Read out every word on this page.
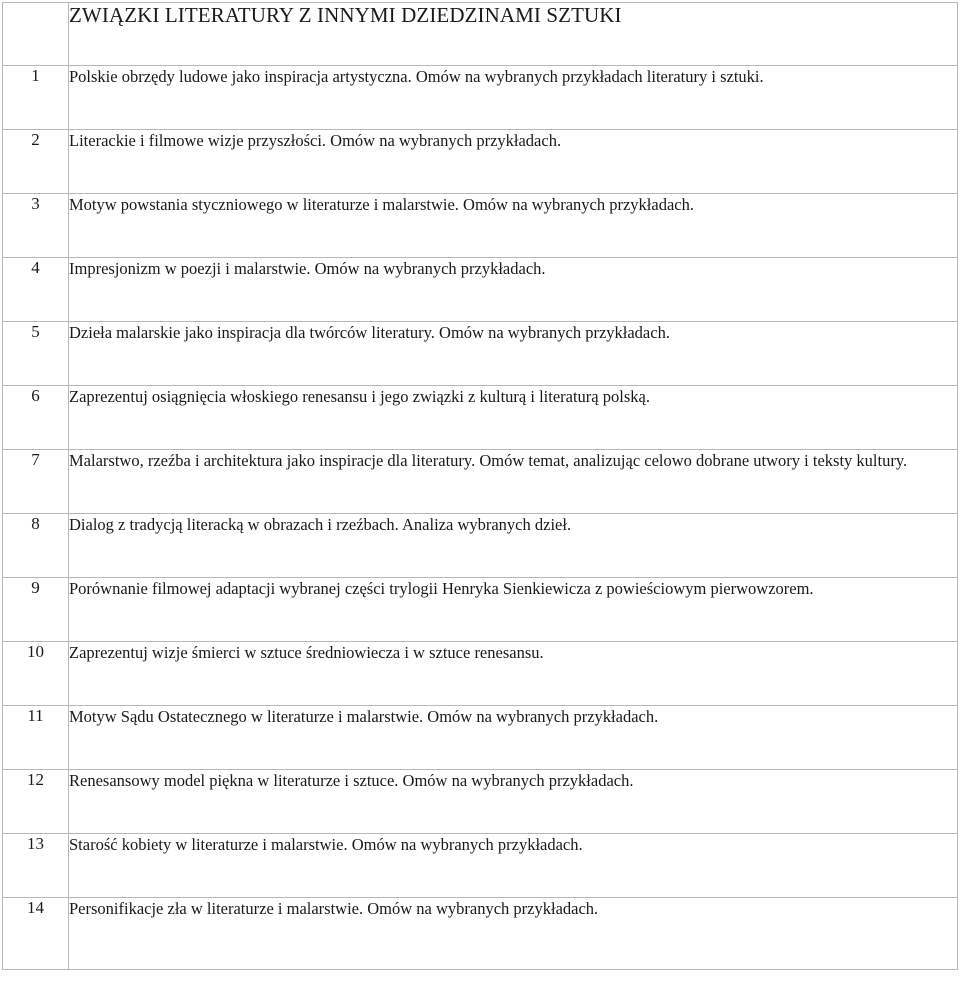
	ZWIĄZKI LITERATURY Z INNYMI DZIEDZINAMI SZTUKI
1	Polskie obrzędy ludowe jako inspiracja artystyczna. Omów na wybranych przykładach literatury i sztuki.
2	Literackie i filmowe wizje przyszłości. Omów na wybranych przykładach.
3	Motyw powstania styczniowego w literaturze i malarstwie. Omów na wybranych przykładach.
4	Impresjonizm w poezji i malarstwie. Omów na wybranych przykładach.
5	Dzieła malarskie jako inspiracja dla twórców literatury. Omów na wybranych przykładach.
6	Zaprezentuj osiągnięcia włoskiego renesansu i jego związki z kulturą i literaturą polską.
7	Malarstwo, rzeźba i architektura jako inspiracje dla literatury. Omów temat, analizując celowo dobrane utwory i teksty kultury.
8	Dialog z tradycją literacką w obrazach i rzeźbach. Analiza wybranych dzieł.
9	Porównanie filmowej adaptacji wybranej części trylogii Henryka Sienkiewicza z powieściowym pierwowzorem.
10	Zaprezentuj wizje śmierci w sztuce średniowiecza i w sztuce renesansu.
11	Motyw Sądu Ostatecznego w literaturze i malarstwie. Omów na wybranych przykładach.
12	Renesansowy model piękna w literaturze i sztuce. Omów na wybranych przykładach.
13	Starość kobiety w literaturze i malarstwie. Omów na wybranych przykładach.
14	Personifikacje zła w literaturze i malarstwie. Omów na wybranych przykładach.
